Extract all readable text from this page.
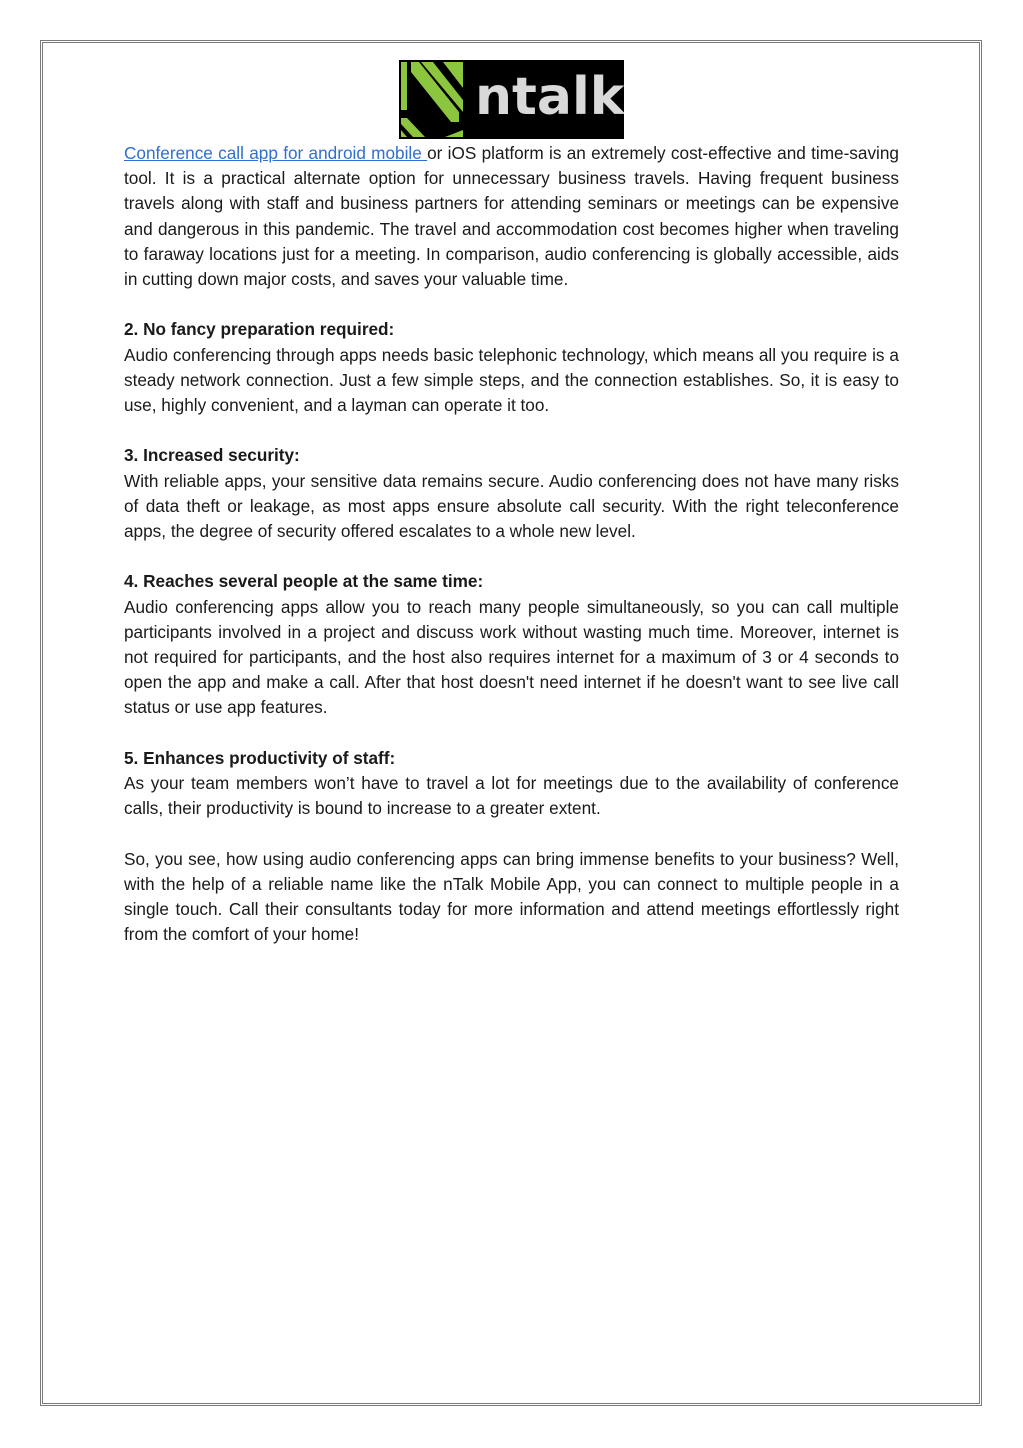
ntalk

Conference call app for android mobile or iOS platform is an extremely cost-effective and time-saving tool. It is a practical alternate option for unnecessary business travels. Having frequent business travels along with staff and business partners for attending seminars or meetings can be expensive and dangerous in this pandemic. The travel and accommodation cost becomes higher when traveling to faraway locations just for a meeting. In comparison, audio conferencing is globally accessible, aids in cutting down major costs, and saves your valuable time.

2. No fancy preparation required:

Audio conferencing through apps needs basic telephonic technology, which means all you require is a steady network connection. Just a few simple steps, and the connection establishes. So, it is easy to use, highly convenient, and a layman can operate it too.

3. Increased security:

With reliable apps, your sensitive data remains secure. Audio conferencing does not have many risks of data theft or leakage, as most apps ensure absolute call security. With the right teleconference apps, the degree of security offered escalates to a whole new level.

4. Reaches several people at the same time:

Audio conferencing apps allow you to reach many people simultaneously, so you can call multiple participants involved in a project and discuss work without wasting much time. Moreover, internet is not required for participants, and the host also requires internet for a maximum of 3 or 4 seconds to open the app and make a call. After that host doesn't need internet if he doesn't want to see live call status or use app features.

5. Enhances productivity of staff:

As your team members won’t have to travel a lot for meetings due to the availability of conference calls, their productivity is bound to increase to a greater extent.

So, you see, how using audio conferencing apps can bring immense benefits to your business? Well, with the help of a reliable name like the nTalk Mobile App, you can connect to multiple people in a single touch. Call their consultants today for more information and attend meetings effortlessly right from the comfort of your home!
